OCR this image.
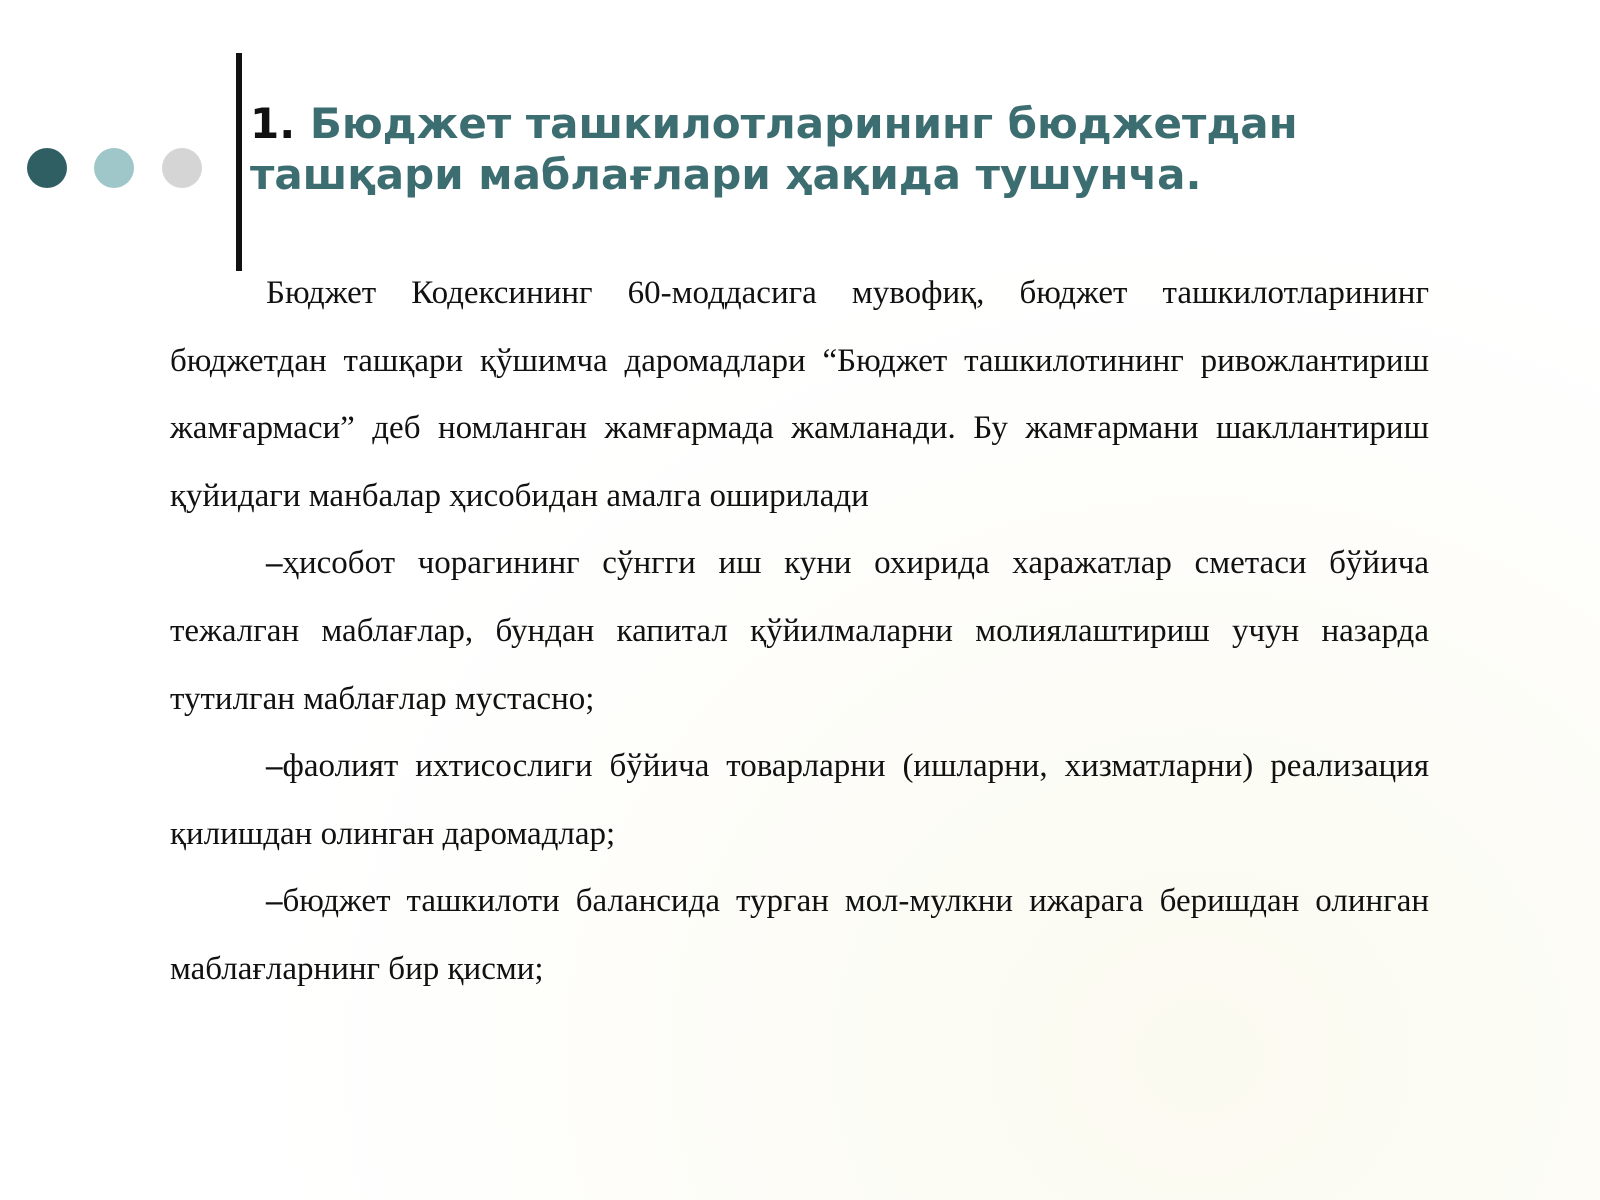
1. Бюджет ташкилотларининг бюджетдан ташқари маблағлари ҳақида тушунча.

Бюджет Кодексининг 60-моддасига мувофиқ, бюджет ташкилотларининг бюджетдан ташқари қўшимча даромадлари “Бюджет ташкилотининг ривожлантириш жамғармаси” деб номланган жамғармада жамланади. Бу жамғармани шакллантириш қуйидаги манбалар ҳисобидан амалга оширилади

–ҳисобот чорагининг сўнгги иш куни охирида харажатлар сметаси бўйича тежалган маблағлар, бундан капитал қўйилмаларни молиялаштириш учун назарда тутилган маблағлар мустасно;

–фаолият ихтисослиги бўйича товарларни (ишларни, хизматларни) реализация қилишдан олинган даромадлар;

–бюджет ташкилоти балансида турган мол-мулкни ижарага беришдан олинган маблағларнинг бир қисми;
